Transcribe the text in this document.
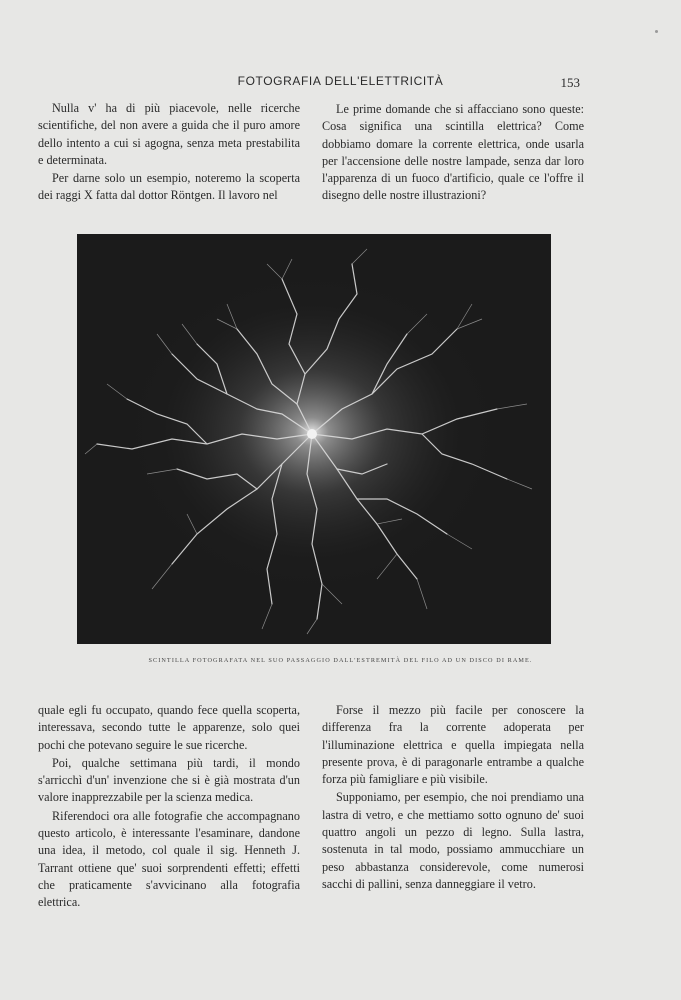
FOTOGRAFIA DELL'ELETTRICITÀ	153

Nulla v' ha di più piacevole, nelle ricerche scientifiche, del non avere a guida che il puro amore dello intento a cui si agogna, senza meta prestabilita e determinata.

Per darne solo un esempio, noteremo la scoperta dei raggi X fatta dal dottor Röntgen. Il lavoro nel

Le prime domande che si affacciano sono queste: Cosa significa una scintilla elettrica? Come dobbiamo domare la corrente elettrica, onde usarla per l'accensione delle nostre lampade, senza dar loro l'apparenza di un fuoco d'artificio, quale ce l'offre il disegno delle nostre illustrazioni?

SCINTILLA FOTOGRAFATA NEL SUO PASSAGGIO DALL'ESTREMITÀ DEL FILO AD UN DISCO DI RAME.

quale egli fu occupato, quando fece quella scoperta, interessava, secondo tutte le apparenze, solo quei pochi che potevano seguire le sue ricerche.

Poi, qualche settimana più tardi, il mondo s'arricchì d'un' invenzione che si è già mostrata d'un valore inapprezzabile per la scienza medica.

Riferendoci ora alle fotografie che accompagnano questo articolo, è interessante l'esaminare, dandone una idea, il metodo, col quale il sig. Henneth J. Tarrant ottiene que' suoi sorprendenti effetti; effetti che praticamente s'avvicinano alla fotografia elettrica.

Forse il mezzo più facile per conoscere la differenza fra la corrente adoperata per l'illuminazione elettrica e quella impiegata nella presente prova, è di paragonarle entrambe a qualche forza più famigliare e più visibile.

Supponiamo, per esempio, che noi prendiamo una lastra di vetro, e che mettiamo sotto ognuno de' suoi quattro angoli un pezzo di legno. Sulla lastra, sostenuta in tal modo, possiamo ammucchiare un peso abbastanza considerevole, come numerosi sacchi di pallini, senza danneggiare il vetro.
